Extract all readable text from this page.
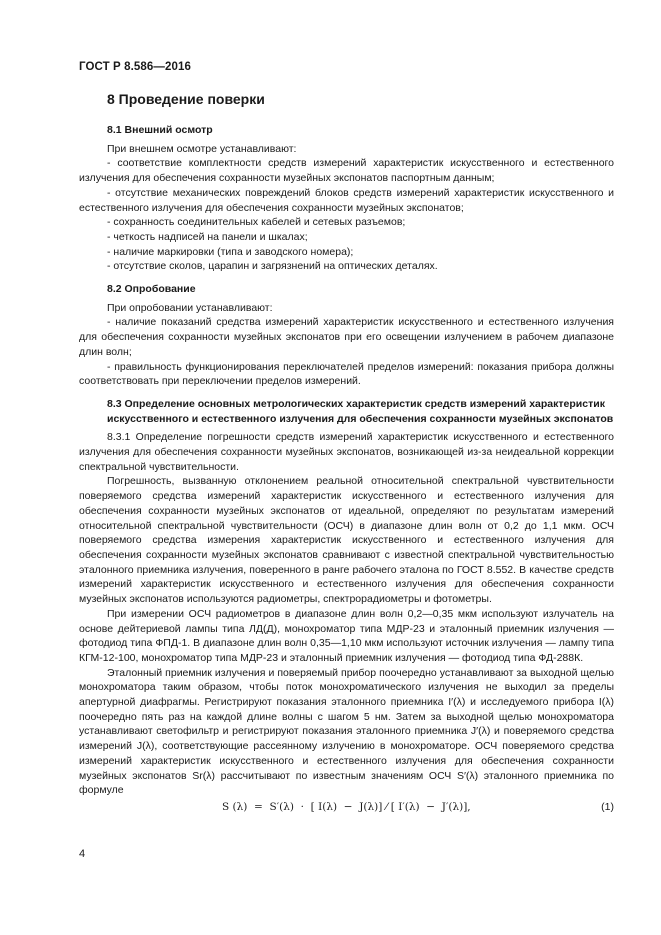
ГОСТ Р 8.586—2016
8 Проведение поверки

8.1 Внешний осмотр

При внешнем осмотре устанавливают:

- соответствие комплектности средств измерений характеристик искусственного и естественного излучения для обеспечения сохранности музейных экспонатов паспортным данным;

- отсутствие механических повреждений блоков средств измерений характеристик искусственного и естественного излучения для обеспечения сохранности музейных экспонатов;

- сохранность соединительных кабелей и сетевых разъемов;

- четкость надписей на панели и шкалах;

- наличие маркировки (типа и заводского номера);

- отсутствие сколов, царапин и загрязнений на оптических деталях.

8.2 Опробование

При опробовании устанавливают:

- наличие показаний средства измерений характеристик искусственного и естественного излучения для обеспечения сохранности музейных экспонатов при его освещении излучением в рабочем диапазоне длин волн;

- правильность функционирования переключателей пределов измерений: показания прибора должны соответствовать при переключении пределов измерений.

8.3 Определение основных метрологических характеристик средств измерений характеристик искусственного и естественного излучения для обеспечения сохранности музейных экспонатов

8.3.1 Определение погрешности средств измерений характеристик искусственного и естественного излучения для обеспечения сохранности музейных экспонатов, возникающей из-за неидеальной коррекции спектральной чувствительности.

Погрешность, вызванную отклонением реальной относительной спектральной чувствительности поверяемого средства измерений характеристик искусственного и естественного излучения для обеспечения сохранности музейных экспонатов от идеальной, определяют по результатам измерений относительной спектральной чувствительности (ОСЧ) в диапазоне длин волн от 0,2 до 1,1 мкм. ОСЧ поверяемого средства измерения характеристик искусственного и естественного излучения для обеспечения сохранности музейных экспонатов сравнивают с известной спектральной чувствительностью эталонного приемника излучения, поверенного в ранге рабочего эталона по ГОСТ 8.552. В качестве средств измерений характеристик искусственного и естественного излучения для обеспечения сохранности музейных экспонатов используются радиометры, спектрорадиометры и фотометры.

При измерении ОСЧ радиометров в диапазоне длин волн 0,2—0,35 мкм используют излучатель на основе дейтериевой лампы типа ЛД(Д), монохроматор типа МДР-23 и эталонный приемник излучения — фотодиод типа ФПД-1. В диапазоне длин волн 0,35—1,10 мкм используют источник излучения — лампу типа КГМ-12-100, монохроматор типа МДР-23 и эталонный приемник излучения — фотодиод типа ФД-288К.

Эталонный приемник излучения и поверяемый прибор поочередно устанавливают за выходной щелью монохроматора таким образом, чтобы поток монохроматического излучения не выходил за пределы апертурной диафрагмы. Регистрируют показания эталонного приемника I′(λ) и исследуемого прибора I(λ) поочередно пять раз на каждой длине волны с шагом 5 нм. Затем за выходной щелью монохроматора устанавливают светофильтр и регистрируют показания эталонного приемника J′(λ) и поверяемого средства измерений J(λ), соответствующие рассеянному излучению в монохроматоре. ОСЧ поверяемого средства измерений характеристик искусственного и естественного излучения для обеспечения сохранности музейных экспонатов Sr(λ) рассчитывают по известным значениям ОСЧ S′(λ) эталонного приемника по формуле

S (λ)  =  S′(λ)  ·  [ I(λ)  −  J(λ)] ⁄ [ I′(λ)  −  J′(λ)],	(1)
4
